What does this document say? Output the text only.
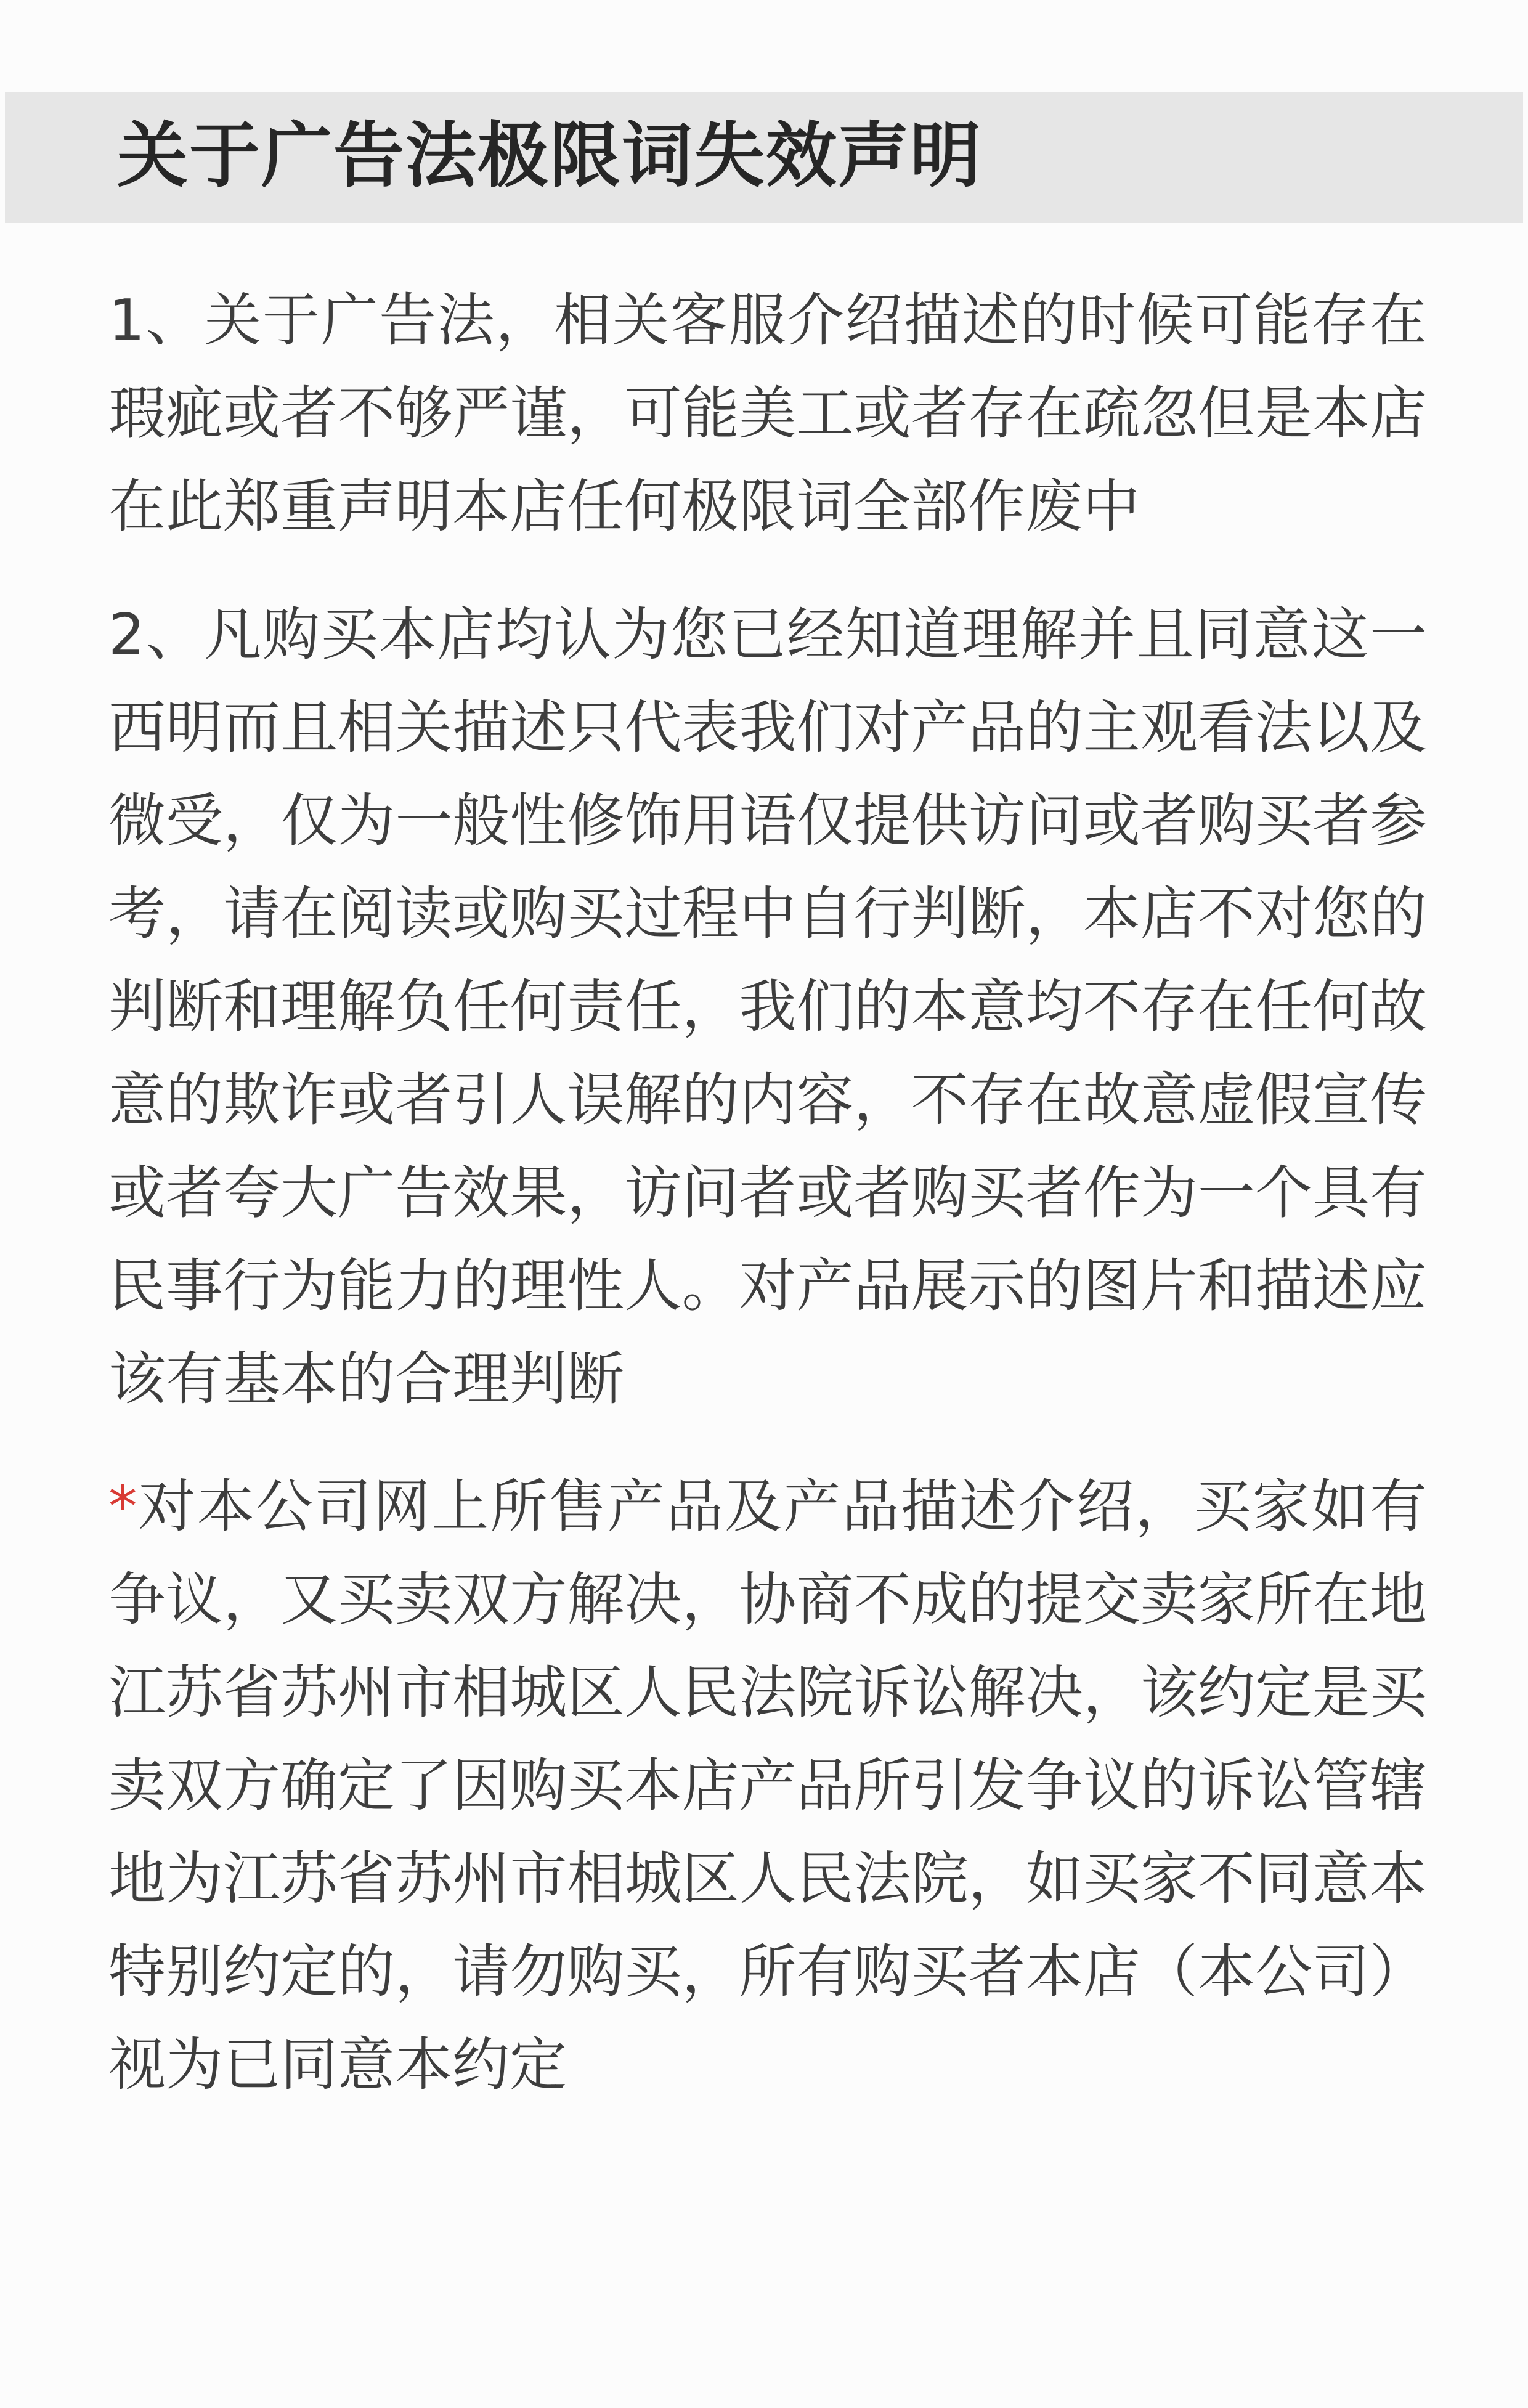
关于广告法极限词失效声明

1、关于广告法，相关客服介绍描述的时候可能存在瑕疵或者不够严谨，可能美工或者存在疏忽但是本店在此郑重声明本店任何极限词全部作废中

2、凡购买本店均认为您已经知道理解并且同意这一西明而且相关描述只代表我们对产品的主观看法以及微受，仅为一般性修饰用语仅提供访问或者购买者参考，请在阅读或购买过程中自行判断，本店不对您的判断和理解负任何责任，我们的本意均不存在任何故意的欺诈或者引人误解的内容，不存在故意虚假宣传或者夸大广告效果，访问者或者购买者作为一个具有民事行为能力的理性人。对产品展示的图片和描述应该有基本的合理判断

*对本公司网上所售产品及产品描述介绍，买家如有争议，又买卖双方解决，协商不成的提交卖家所在地江苏省苏州市相城区人民法院诉讼解决，该约定是买卖双方确定了因购买本店产品所引发争议的诉讼管辖地为江苏省苏州市相城区人民法院，如买家不同意本特别约定的，请勿购买，所有购买者本店（本公司）视为已同意本约定
